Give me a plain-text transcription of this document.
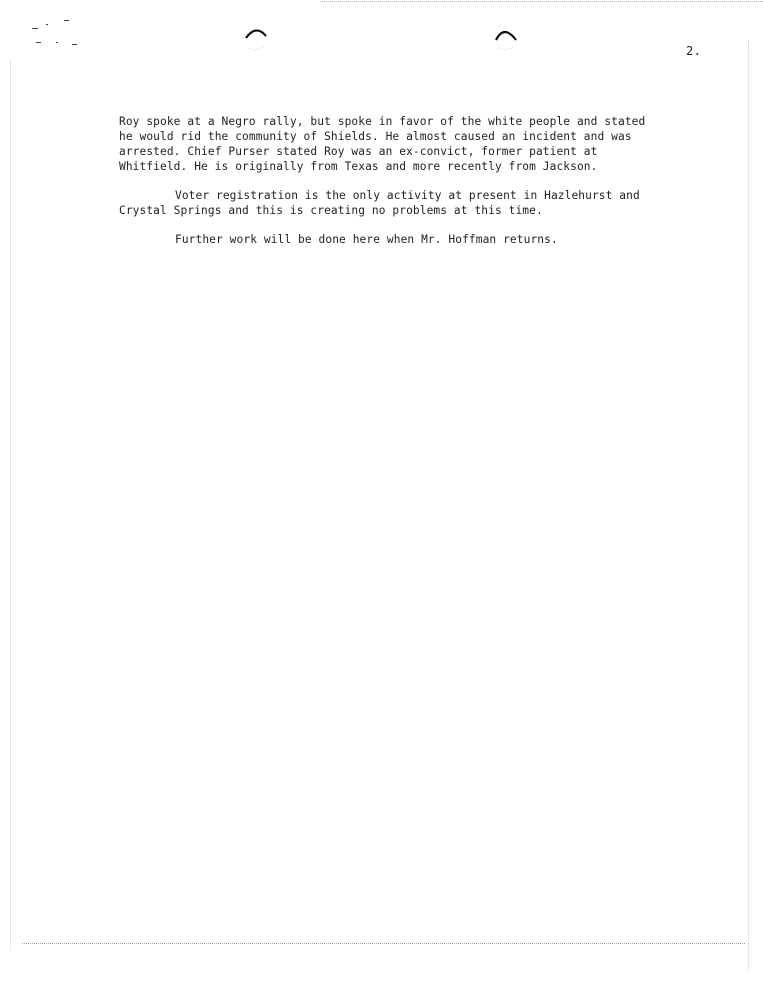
2.

Roy spoke at a Negro rally, but spoke in favor of the white people and stated
he would rid the community of Shields. He almost caused an incident and was
arrested. Chief Purser stated Roy was an ex-convict, former patient at
Whitfield. He is originally from Texas and more recently from Jackson.

Voter registration is the only activity at present in Hazlehurst and
Crystal Springs and this is creating no problems at this time.

Further work will be done here when Mr. Hoffman returns.
